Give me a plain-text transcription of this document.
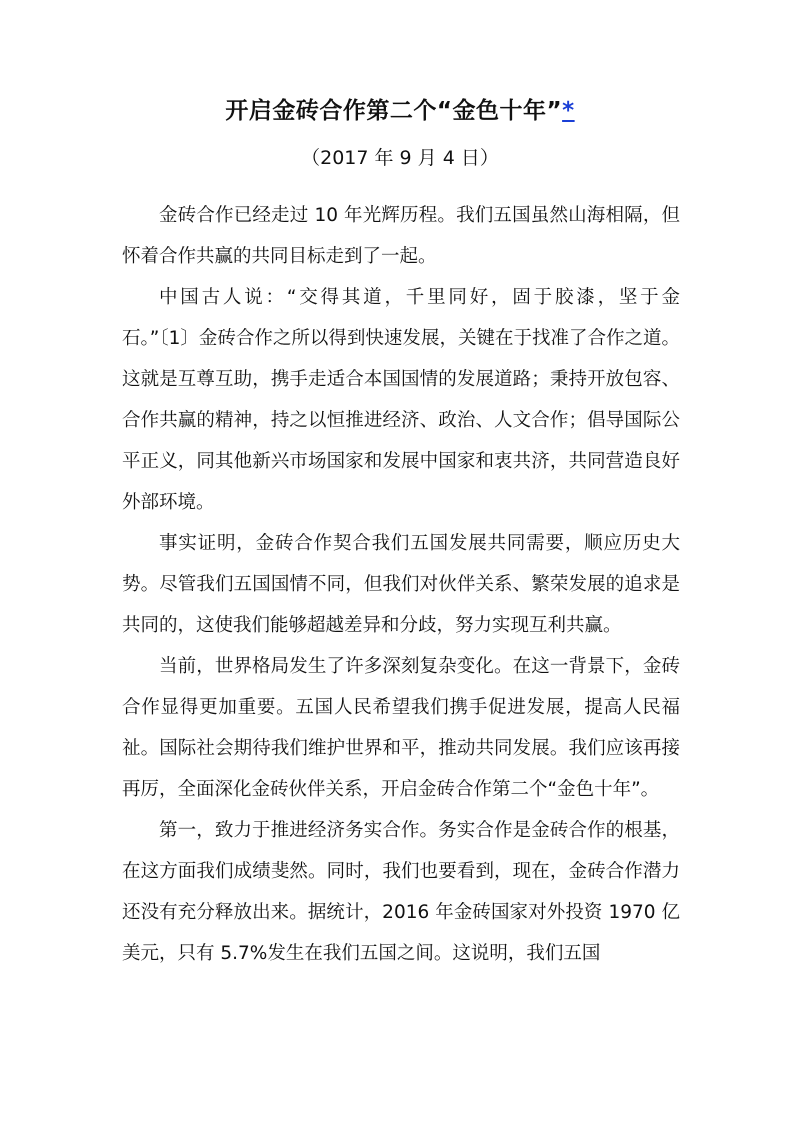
开启金砖合作第二个“金色十年”*
（2017 年 9 月 4 日）

金砖合作已经走过 10 年光辉历程。我们五国虽然山海相隔，但怀着合作共赢的共同目标走到了一起。

中国古人说：“交得其道，千里同好，固于胶漆，坚于金石。”〔1〕金砖合作之所以得到快速发展，关键在于找准了合作之道。这就是互尊互助，携手走适合本国国情的发展道路；秉持开放包容、合作共赢的精神，持之以恒推进经济、政治、人文合作；倡导国际公平正义，同其他新兴市场国家和发展中国家和衷共济，共同营造良好外部环境。

事实证明，金砖合作契合我们五国发展共同需要，顺应历史大势。尽管我们五国国情不同，但我们对伙伴关系、繁荣发展的追求是共同的，这使我们能够超越差异和分歧，努力实现互利共赢。

当前，世界格局发生了许多深刻复杂变化。在这一背景下，金砖合作显得更加重要。五国人民希望我们携手促进发展，提高人民福祉。国际社会期待我们维护世界和平，推动共同发展。我们应该再接再厉，全面深化金砖伙伴关系，开启金砖合作第二个“金色十年”。

第一，致力于推进经济务实合作。务实合作是金砖合作的根基，在这方面我们成绩斐然。同时，我们也要看到，现在，金砖合作潜力还没有充分释放出来。据统计，2016 年金砖国家对外投资 1970 亿美元，只有 5.7%发生在我们五国之间。这说明，我们五国
